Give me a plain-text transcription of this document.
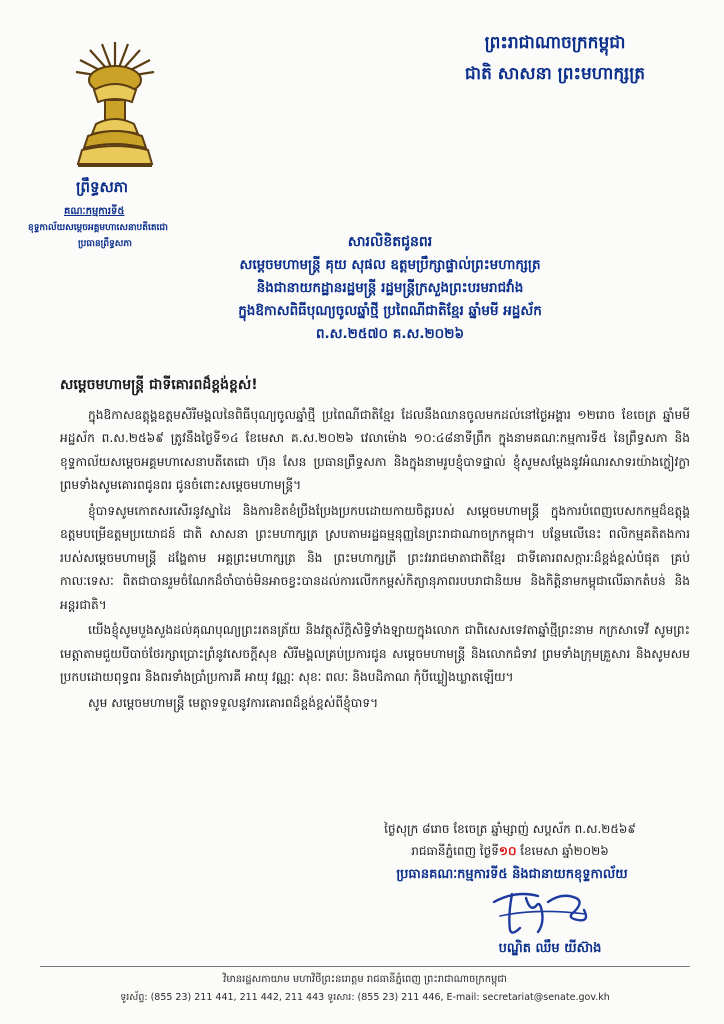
ព្រះរាជាណាចក្រកម្ពុជា
ជាតិ សាសនា ព្រះមហាក្សត្រ
ព្រឹទ្ធសភា
គណៈកម្មការទី៥
ខុទ្ទកាល័យសម្តេចអគ្គមហាសេនាបតីតេជោ
ប្រធានព្រឹទ្ធសភា	សារលិខិតជូនពរ
សម្តេចមហាមន្ត្រី គុយ សុផល ឧត្តមប្រឹក្សាផ្ទាល់ព្រះមហាក្សត្រ
និងជានាយកដ្ឋានរដ្ឋមន្ត្រី រដ្ឋមន្ត្រីក្រសួងព្រះបរមរាជវាំង
ក្នុងឱកាសពិធីបុណ្យចូលឆ្នាំថ្មី ប្រពៃណីជាតិខ្មែរ ឆ្នាំមមី អដ្ឋស័ក
ព.ស.២៥៧០ គ.ស.២០២៦
សម្តេចមហាមន្ត្រី ជាទីគោរពដ៏ខ្ពង់ខ្ពស់!

ក្នុងឱកាសឧត្តុង្គឧត្តមសិរីមង្គលនៃពិធីបុណ្យចូលឆ្នាំថ្មី ប្រពៃណីជាតិខ្មែរ ដែលនឹងឈានចូលមកដល់នៅថ្ងៃអង្គារ ១២រោច ខែចេត្រ ឆ្នាំមមី អដ្ឋស័ក ព.ស.២៥៦៩ ត្រូវនឹងថ្ងៃទី១៤ ខែមេសា គ.ស.២០២៦ វេលាម៉ោង ១០:៤៨នាទីព្រឹក ក្នុងនាមគណៈកម្មការទី៥ នៃព្រឹទ្ធសភា និងខុទ្ទកាល័យសម្តេចអគ្គមហាសេនាបតីតេជោ ហ៊ុន សែន ប្រធានព្រឹទ្ធសភា និងក្នុងនាមរូបខ្ញុំបាទផ្ទាល់ ខ្ញុំសូមសម្តែងនូវអំណរសាទរយ៉ាងក្លៀវក្លា ព្រមទាំងសូមគោរពជូនពរ ជូនចំពោះសម្តេចមហាមន្ត្រី។

ខ្ញុំបាទសូមកោតសរសើរនូវស្នាដៃ និងការខិតខំប្រឹងប្រែងប្រកបដោយកាយចិត្តរបស់ សម្តេចមហាមន្ត្រី ក្នុងការបំពេញបេសកកម្មដ៏ឧត្តុង្គឧត្តមបម្រើឧត្តមប្រយោជន៍ ជាតិ សាសនា ព្រះមហាក្សត្រ ស្របតាមរដ្ឋធម្មនុញ្ញនៃព្រះរាជាណាចក្រកម្ពុជា។ បន្ថែមលើនេះ ពលិកម្មគតិតងការរបស់សម្តេចមហាមន្ត្រី ដង្ហែតាម អគ្គព្រះមហាក្សត្រ និង ព្រះមហាក្សត្រី ព្រះវររាជមាតាជាតិខ្មែរ ជាទីគោរពសក្ការៈដ៏ខ្ពង់ខ្ពស់បំផុត គ្រប់កាលៈទេសៈ ពិតជាបានរួមចំណែកដ៏ចាំបាច់មិនអាចខ្វះបានដល់ការលើកកម្ពស់កិត្យានុភាពរបបរាជានិយម និងកិត្តិនាមកម្ពុជាលើឆាកតំបន់ និងអន្តរជាតិ។

យើងខ្ញុំសូមបួងសួងដល់គុណបុណ្យព្រះរតនត្រ័យ និងវត្ថុស័ក្តិសិទ្ធិទាំងឡាយក្នុងលោក ជាពិសេសទេវតាឆ្នាំថ្មីព្រះនាម កក្រសាទេវី សូមព្រះមេត្តាតាមជួយបីបាច់ថែរក្សាប្រោះព្រំនូវសេចក្តីសុខ សិរីមង្គលគ្រប់ប្រការជូន សម្តេចមហាមន្ត្រី និងលោកជំទាវ ព្រមទាំងក្រុមគ្រួសារ និងសូមសមប្រកបដោយពុទ្ធពរ និងពរទាំងប្រាំប្រការគឺ អាយុ វណ្ណៈ សុខៈ ពលៈ និងបដិភាណ កុំបីឃ្លៀងឃ្លាតឡើយ។

សូម សម្តេចមហាមន្ត្រី មេត្តាទទួលនូវការគោរពដ៏ខ្ពង់ខ្ពស់ពីខ្ញុំបាទ។
ថ្ងៃសុក្រ ៨រោច ខែចេត្រ ឆ្នាំម្សាញ់ សប្តស័ក ព.ស.២៥៦៩
រាជធានីភ្នំពេញ ថ្ងៃទី១០ ខែមេសា ឆ្នាំ២០២៦
ប្រធានគណៈកម្មការទី៥ និងជានាយកខុទ្ទកាល័យ
បណ្ឌិត ឈឹម យីស៊ាង
វិមានរដ្ឋសភាយាម មហាវិថីព្រះនរោត្តម រាជធានីភ្នំពេញ ព្រះរាជាណាចក្រកម្ពុជា
ទូរស័ព្ទ: (855 23) 211 441, 211 442, 211 443 ទូរសារ: (855 23) 211 446, E-mail: secretariat@senate.gov.kh
